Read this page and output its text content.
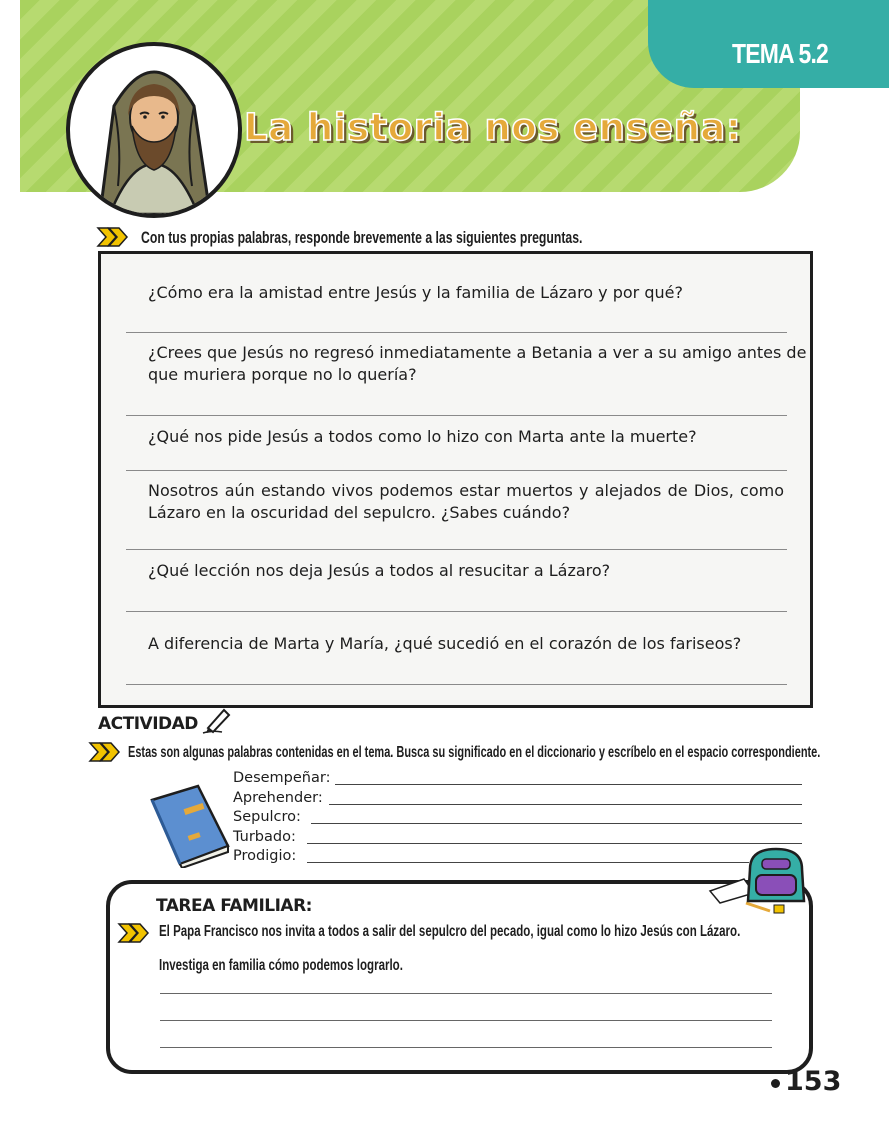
TEMA 5.2
La historia nos enseña:
Con tus propias palabras, responde brevemente a las siguientes preguntas.
¿Cómo era la amistad entre Jesús y la familia de Lázaro y por qué?
¿Crees que Jesús no regresó inmediatamente a Betania a ver a su amigo antes de que muriera porque no lo quería?
¿Qué nos pide Jesús a todos como lo hizo con Marta ante la muerte?
Nosotros aún estando vivos podemos estar muertos y alejados de Dios, como Lázaro en la oscuridad del sepulcro. ¿Sabes cuándo?
¿Qué lección nos deja Jesús a todos al resucitar a Lázaro?
A diferencia de Marta y María, ¿qué sucedió en el corazón de los fariseos?
ACTIVIDAD
Estas son algunas palabras contenidas en el tema. Busca su significado en el diccionario y escríbelo en el espacio correspondiente.
Desempeñar:
Aprehender:
Sepulcro:
Turbado:
Prodigio:
TAREA FAMILIAR:
El Papa Francisco nos invita a todos a salir del sepulcro del pecado, igual como lo hizo Jesús con Lázaro.
Investiga en familia cómo podemos lograrlo.
153
